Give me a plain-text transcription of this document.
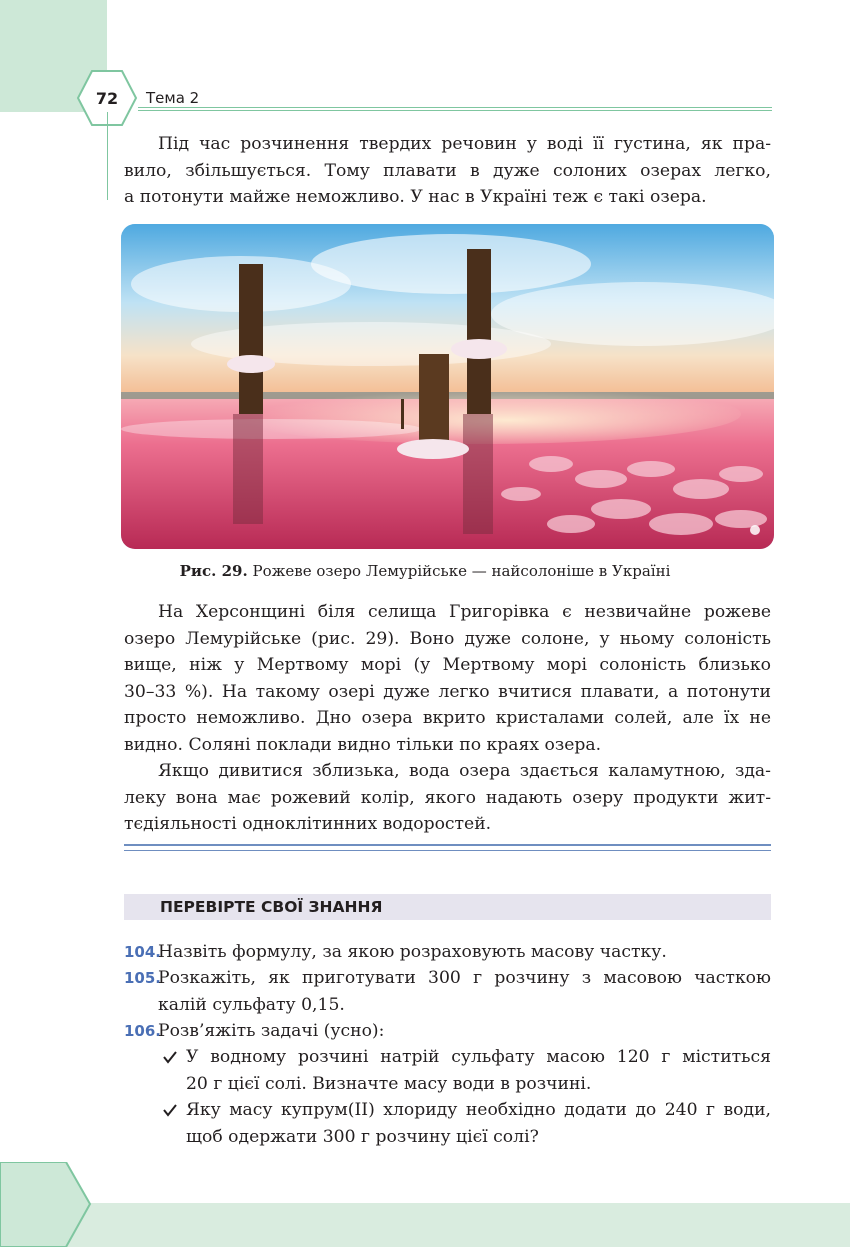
72	Тема 2
Під час розчинення твердих речовин у воді її густина, як пра-
вило, збільшується. Тому плавати в дуже солоних озерах легко,
а потонути майже неможливо. У нас в Україні теж є такі озера.
Рис. 29. Рожеве озеро Лемурійське — найсолоніше в Україні
На Херсонщині біля селища Григорівка є незвичайне рожеве
озеро Лемурійське (рис. 29). Воно дуже солоне, у ньому солоність
вище, ніж у Мертвому морі (у Мертвому морі солоність близько
30–33 %). На такому озері дуже легко вчитися плавати, а потонути
просто неможливо. Дно озера вкрито кристалами солей, але їх не
видно. Соляні поклади видно тільки по краях озера.
Якщо дивитися зблизька, вода озера здається каламутною, зда-
леку вона має рожевий колір, якого надають озеру продукти жит-
тєдіяльності одноклітинних водоростей.
ПЕРЕВІРТЕ СВОЇ ЗНАННЯ
104.
Назвіть формулу, за якою розраховують масову частку.
105.
Розкажіть, як приготувати 300 г розчину з масовою часткою
калій сульфату 0,15.
106.
Розв’яжіть задачі (усно):
У водному розчині натрій сульфату масою 120 г міститься
20 г цієї солі. Визначте масу води в розчині.
Яку масу купрум(II) хлориду необхідно додати до 240 г води,
щоб одержати 300 г розчину цієї солі?
